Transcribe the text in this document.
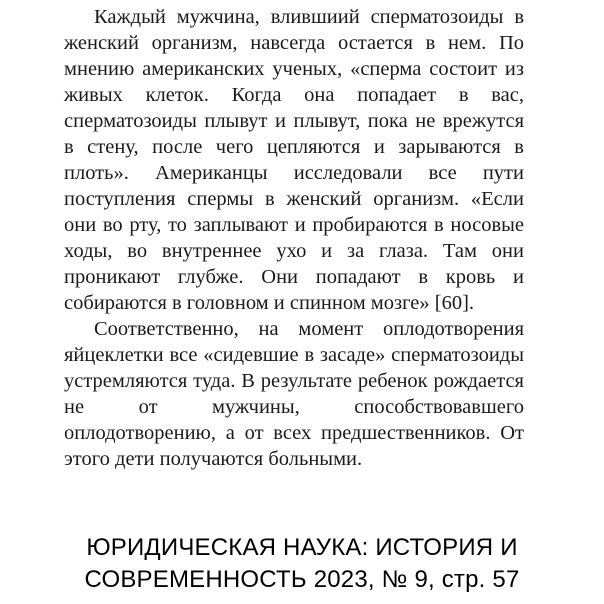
Каждый мужчина, влившиий сперматозоиды в женский организм, навсегда остается в нем. По мнению американских ученых, «сперма состоит из живых клеток. Когда она попадает в вас, сперматозоиды плывут и плывут, пока не врежутся в стену, после чего цепляются и зарываются в плоть». Американцы исследовали все пути поступления спермы в женский организм. «Если они во рту, то заплывают и пробираются в носовые ходы, во внутреннее ухо и за глаза. Там они проникают глубже. Они попадают в кровь и собираются в головном и спинном мозге» [60].

Соответственно, на момент оплодотворения яйцеклетки все «сидевшие в засаде» сперматозоиды устремляются туда. В результате ребенок рождается не от мужчины, способствовавшего оплодотворению, а от всех предшественников. От этого дети получаются больными.

ЮРИДИЧЕСКАЯ НАУКА: ИСТОРИЯ И
СОВРЕМЕННОСТЬ 2023, № 9, стр. 57
